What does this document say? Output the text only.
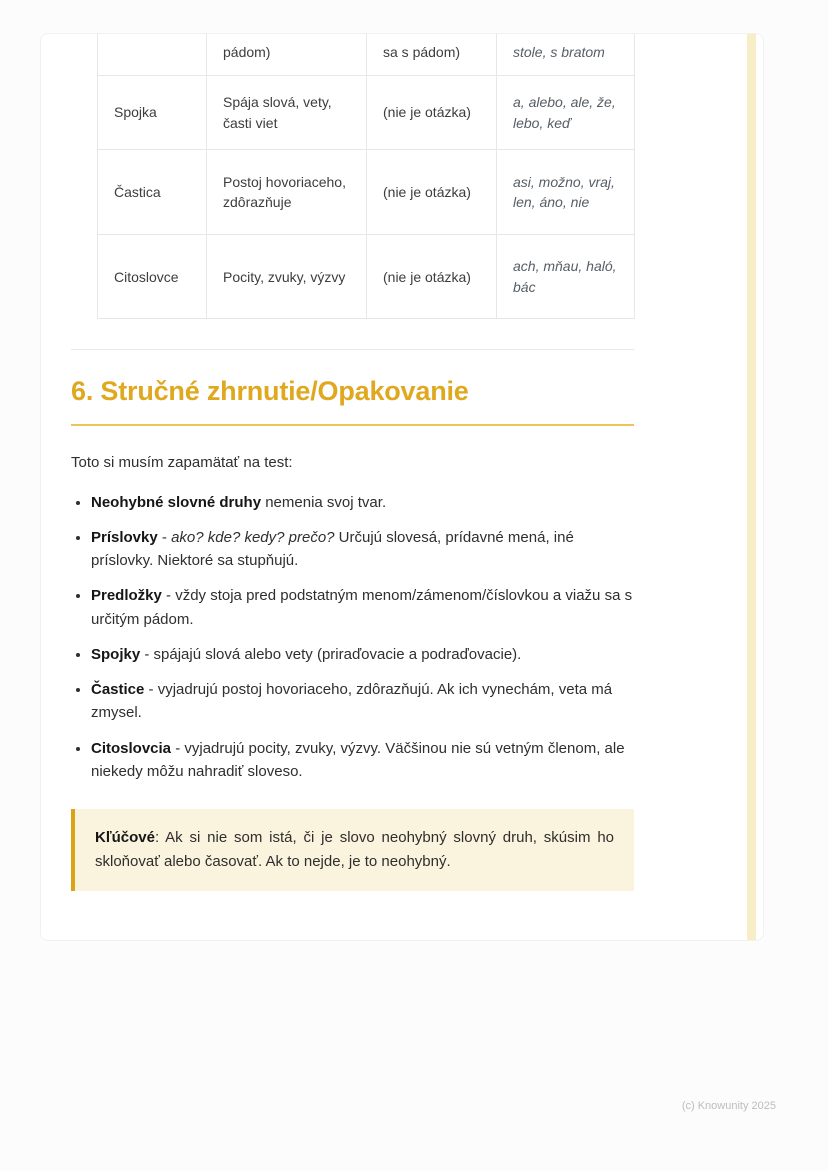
	pádom)	sa s pádom)	stole, s bratom
Spojka	Spája slová, vety, časti viet	(nie je otázka)	a, alebo, ale, že, lebo, keď
Častica	Postoj hovoriaceho, zdôrazňuje	(nie je otázka)	asi, možno, vraj, len, áno, nie
Citoslovce	Pocity, zvuky, výzvy	(nie je otázka)	ach, mňau, haló, bác
6. Stručné zhrnutie/Opakovanie

Toto si musím zapamätať na test:

• Neohybné slovné druhy nemenia svoj tvar.
• Príslovky - ako? kde? kedy? prečo? Určujú slovesá, prídavné mená, iné príslovky. Niektoré sa stupňujú.
• Predložky - vždy stoja pred podstatným menom/zámenom/číslovkou a viažu sa s určitým pádom.
• Spojky - spájajú slová alebo vety (priraďovacie a podraďovacie).
• Častice - vyjadrujú postoj hovoriaceho, zdôrazňujú. Ak ich vynechám, veta má zmysel.
• Citoslovcia - vyjadrujú pocity, zvuky, výzvy. Väčšinou nie sú vetným členom, ale niekedy môžu nahradiť sloveso.
Kľúčové: Ak si nie som istá, či je slovo neohybný slovný druh, skúsim ho skloňovať alebo časovať. Ak to nejde, je to neohybný.
(c) Knowunity 2025
